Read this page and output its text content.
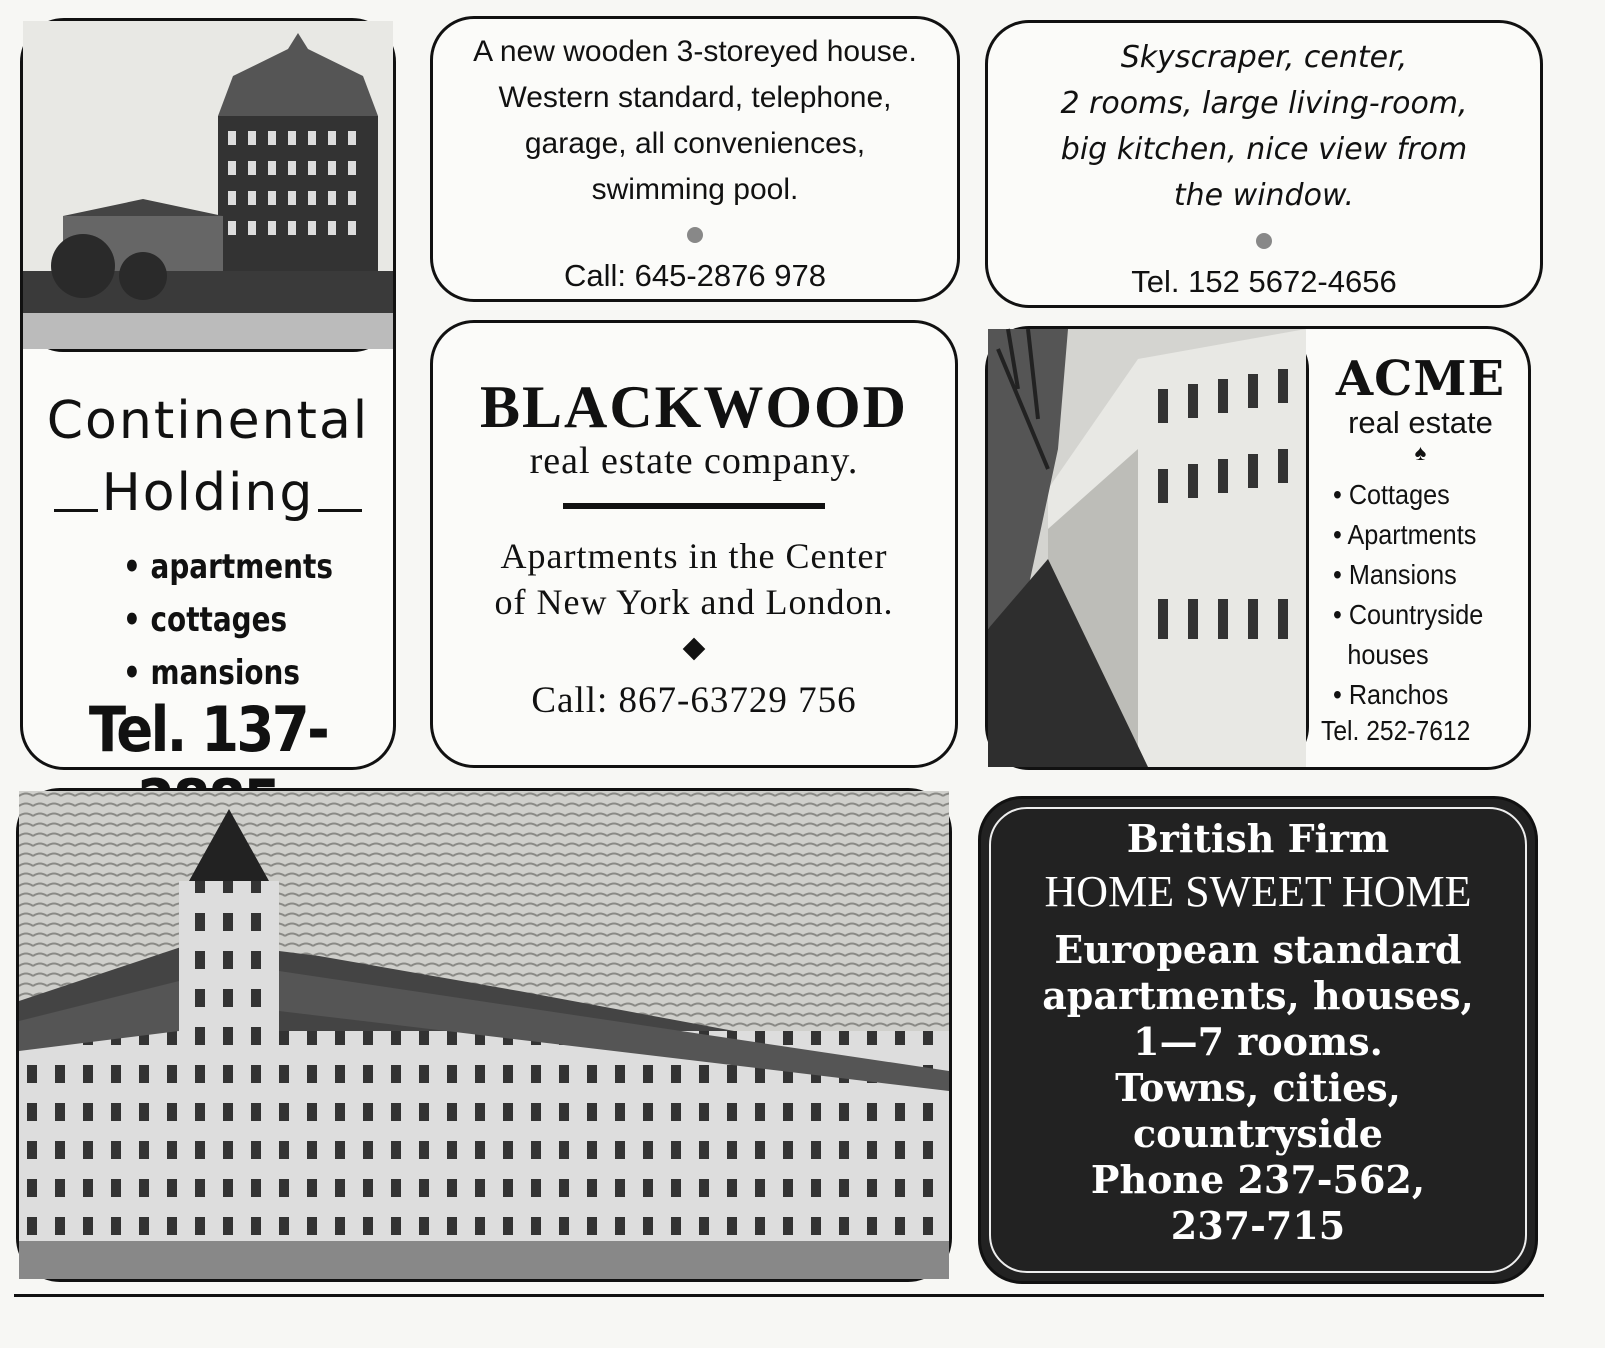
Continental
Holding
• apartments
• cottages
• mansions
Tel. 137-
A new wooden 3-storeyed house.
Western standard, telephone,
garage, all conveniences,
swimming pool.
Call: 645-2876 978
Skyscraper, center,
2 rooms, large living-room,
big kitchen, nice view from
the window.
Tel. 152 5672-4656
BLACKWOOD
real estate company.
Apartments in the Center
of New York and London.
Call: 867-63729 756
ACME
real estate
♠
• Cottages
• Apartments
• Mansions
• Countryside
houses
• Ranchos
Tel. 252-7612
British Firm
HOME SWEET HOME
European standard
apartments, houses,
1—7 rooms.
Towns, cities,
countryside
Phone 237-562,
237-715
